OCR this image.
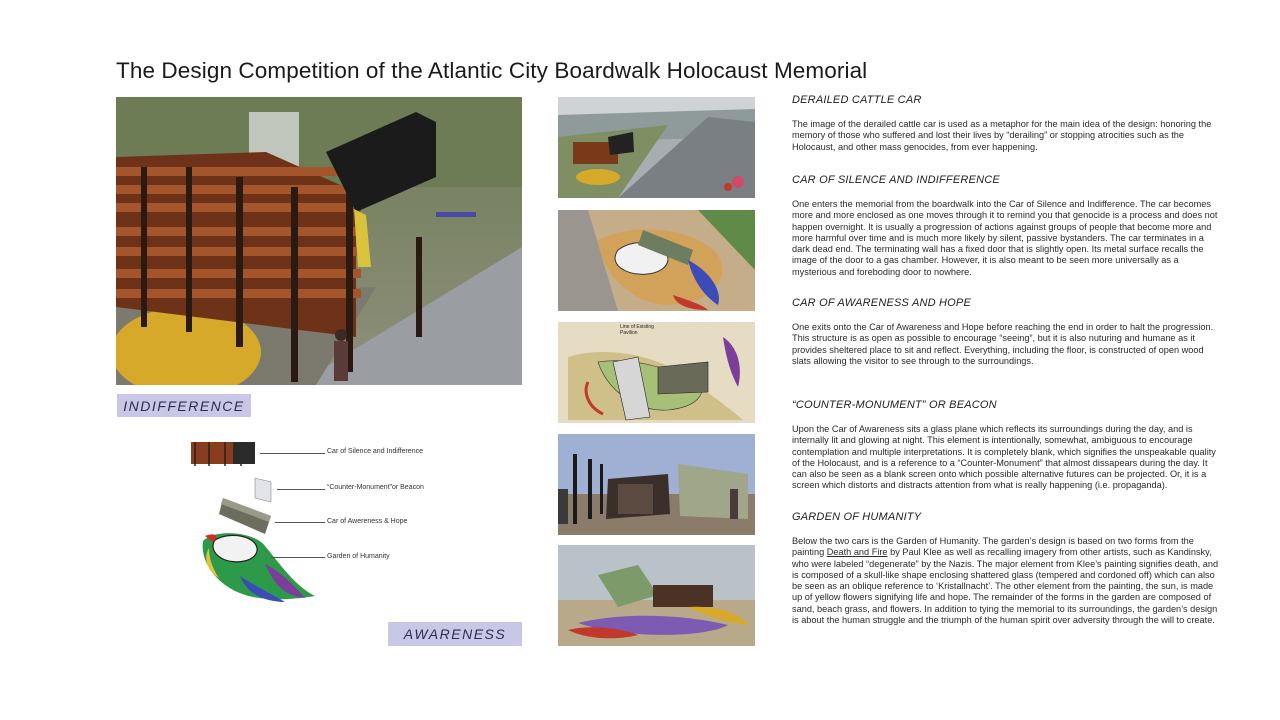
The Design Competition of the Atlantic City Boardwalk Holocaust Memorial
INDIFFERENCE
Car of Silence and Indifference
“Counter-Monument”or Beacon
Car of Awereness & Hope
Garden of Humanity
AWARENESS
Line of Existing Pavilion
DERAILED CATTLE CAR

The image of the derailed cattle car is used as a metaphor for the main idea of the design: honoring the memory of those who suffered and lost their lives by “derailing” or stopping atrocities such as the Holocaust, and other mass genocides, from ever happening.

CAR OF SILENCE AND INDIFFERENCE

One enters the memorial from the boardwalk into the Car of Silence and Indifference. The car becomes more and more enclosed as one moves through it to remind you that genocide is a process and does not happen overnight. It is usually a progression of actions against groups of people that become more and more harmful over time and is much more likely by silent, passive bystanders. The car terminates in a dark dead end. The terminating wall has a fixed door that is slightly open. Its metal surface recalls the image of the door to a gas chamber. However, it is also meant to be seen more universally as a mysterious and foreboding door to nowhere.

CAR OF AWARENESS AND HOPE

One exits onto the Car of Awareness and Hope before reaching the end in order to halt the progression. This structure is as open as possible to encourage “seeing”, but it is also nuturing and humane as it provides sheltered place to sit and reflect. Everything, including the floor, is constructed of open wood slats allowing the visitor to see through to the surroundings.

“COUNTER-MONUMENT” OR BEACON

Upon the Car of Awareness sits a glass plane which reflects its surroundings during the day, and is internally lit and glowing at night. This element is intentionally, somewhat, ambiguous to encourage contemplation and multiple interpretations. It is completely blank, which signifies the unspeakable quality of the Holocaust, and is a reference to a “Counter-Monument” that almost dissapears during the day. It can also be seen as a blank screen onto which possible alternative futures can be projected. Or, it is a screen which distorts and distracts attention from what is really happening (i.e. propaganda).

GARDEN OF HUMANITY

Below the two cars is the Garden of Humanity. The garden’s design is based on two forms from the painting Death and Fire by Paul Klee as well as recalling imagery from other artists, such as Kandinsky, who were labeled “degenerate” by the Nazis. The major element from Klee’s painting signifies death, and is composed of a skull-like shape enclosing shattered glass (tempered and cordoned off) which can also be seen as an oblique reference to ‘Kristallnacht’. The other element from the painting, the sun, is made up of yellow flowers signifying life and hope. The remainder of the forms in the garden are composed of sand, beach grass, and flowers. In addition to tying the memorial to its surroundings, the garden’s design is about the human struggle and the triumph of the human spirit over adversity through the will to create.
